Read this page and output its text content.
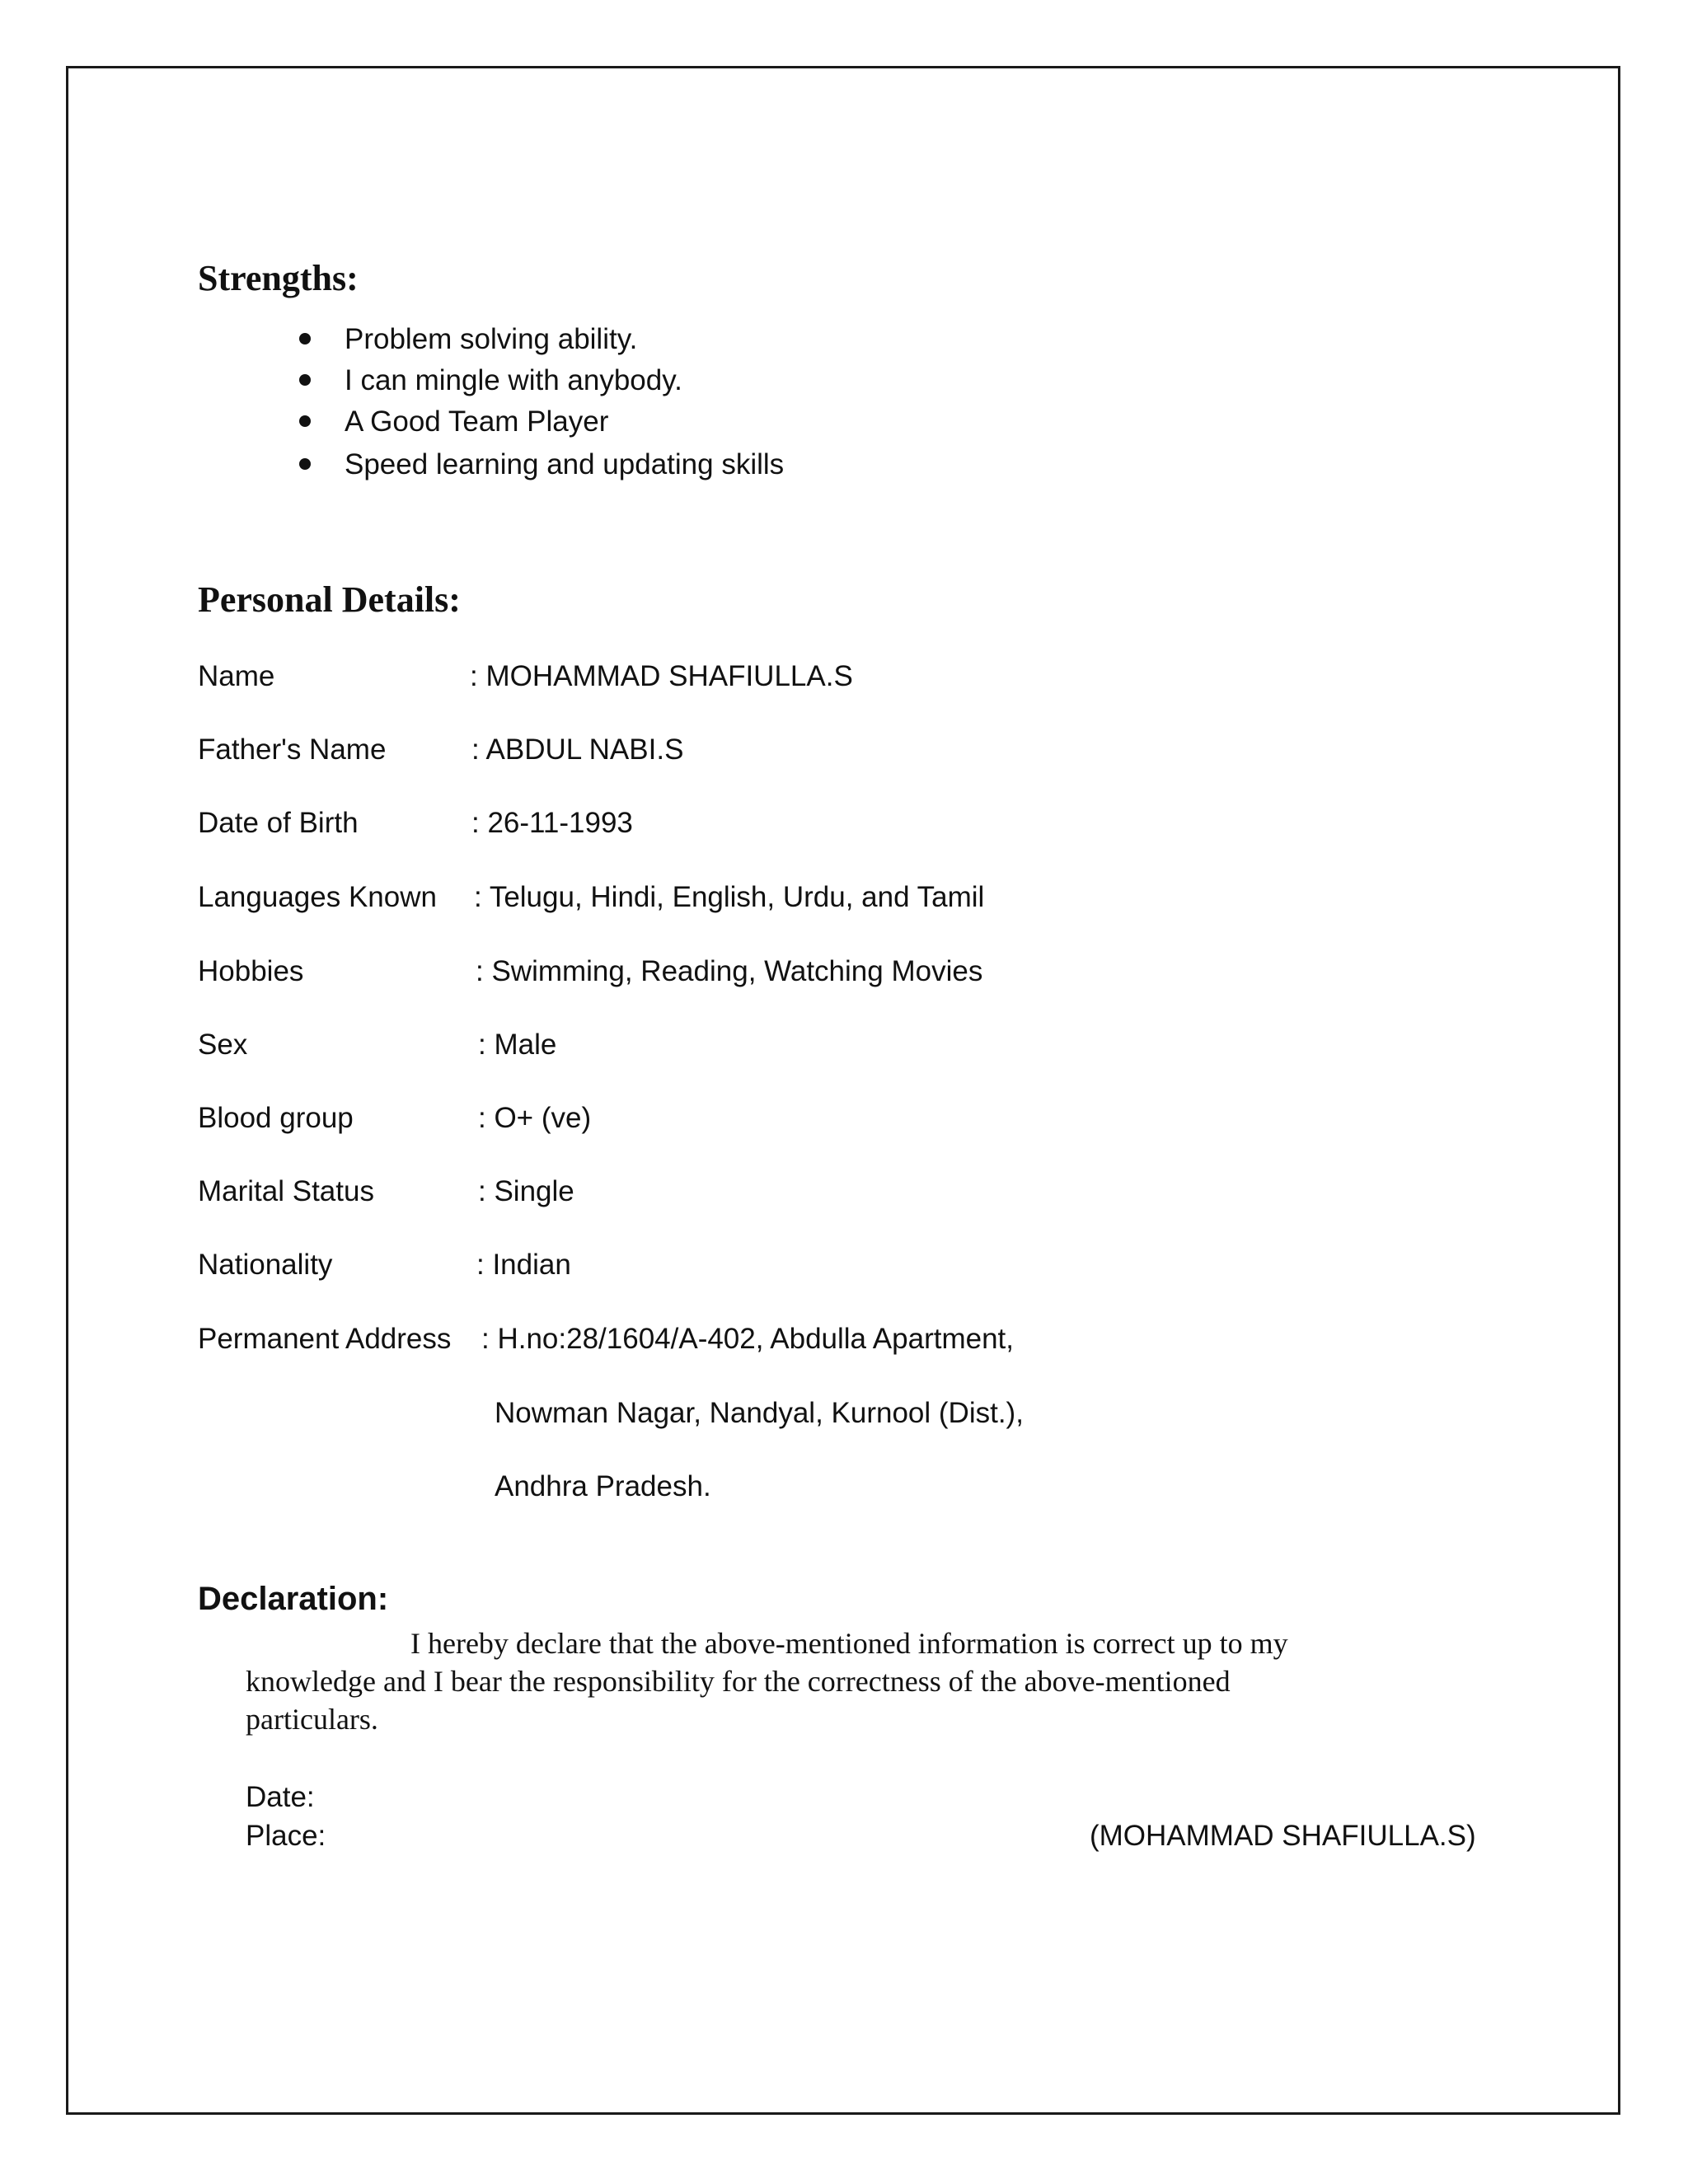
Strengths:
Problem solving ability.
I can mingle with anybody.
A Good Team Player
Speed learning and updating skills
Personal Details:
Name	: MOHAMMAD SHAFIULLA.S
Father's Name	: ABDUL NABI.S
Date of Birth	: 26-11-1993
Languages Known : Telugu, Hindi, English, Urdu, and Tamil
Hobbies	: Swimming, Reading, Watching Movies
Sex	: Male
Blood group	: O+ (ve)
Marital Status	: Single
Nationality	: Indian
Permanent Address : H.no:28/1604/A-402, Abdulla Apartment,
Nowman Nagar, Nandyal, Kurnool (Dist.),
Andhra Pradesh.
Declaration:
I hereby declare that the above-mentioned information is correct up to my
knowledge and I bear the responsibility for the correctness of the above-mentioned
particulars.
Date:
Place:	(MOHAMMAD SHAFIULLA.S)
